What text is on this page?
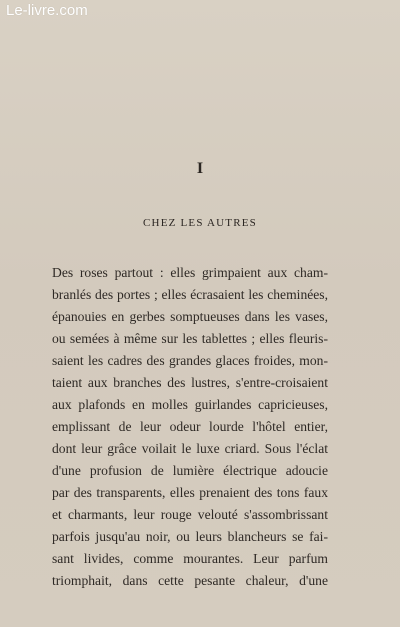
Le-livre.com
I
CHEZ LES AUTRES
Des roses partout : elles grimpaient aux cham-
branlés des portes ; elles écrasaient les cheminées,
épanouies en gerbes somptueuses dans les vases,
ou semées à même sur les tablettes ; elles fleuris-
saient les cadres des grandes glaces froides, mon-
taient aux branches des lustres, s'entre-croisaient
aux plafonds en molles guirlandes capricieuses,
emplissant de leur odeur lourde l'hôtel entier,
dont leur grâce voilait le luxe criard. Sous l'éclat
d'une profusion de lumière électrique adoucie
par des transparents, elles prenaient des tons faux
et charmants, leur rouge velouté s'assombrissant
parfois jusqu'au noir, ou leurs blancheurs se fai-
sant livides, comme mourantes. Leur parfum
triomphait, dans cette pesante chaleur, d'une
